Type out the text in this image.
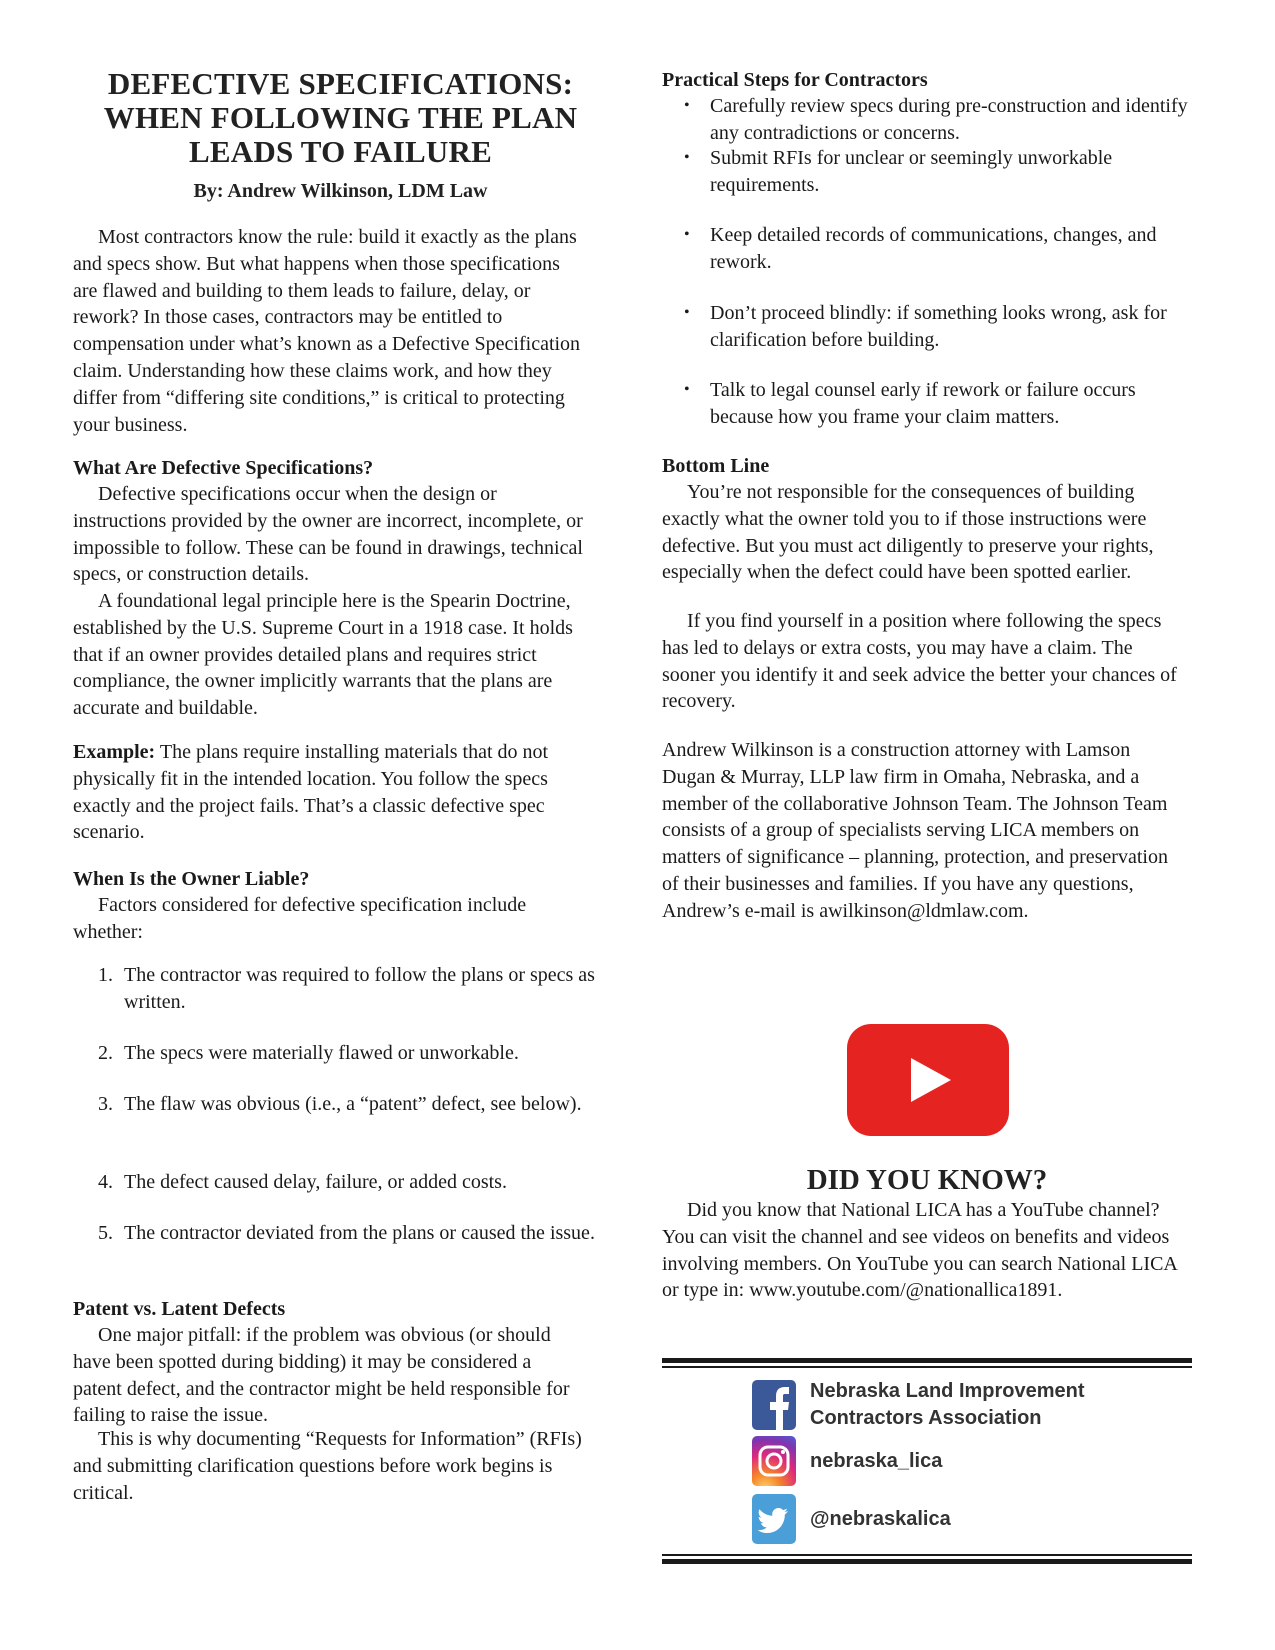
DEFECTIVE SPECIFICATIONS:
WHEN FOLLOWING THE PLAN
LEADS TO FAILURE
By: Andrew Wilkinson, LDM Law

Most contractors know the rule: build it exactly as the plans and specs show. But what happens when those specifications are flawed and building to them leads to failure, delay, or rework? In those cases, contractors may be entitled to compensation under what’s known as a Defective Specification claim. Understanding how these claims work, and how they differ from “differing site conditions,” is critical to protecting your business.

What Are Defective Specifications?

Defective specifications occur when the design or instructions provided by the owner are incorrect, incomplete, or impossible to follow. These can be found in drawings, technical specs, or construction details.

A foundational legal principle here is the Spearin Doctrine, established by the U.S. Supreme Court in a 1918 case. It holds that if an owner provides detailed plans and requires strict compliance, the owner implicitly warrants that the plans are accurate and buildable.

Example: The plans require installing materials that do not physically fit in the intended location. You follow the specs exactly and the project fails. That’s a classic defective spec scenario.

When Is the Owner Liable?

Factors considered for defective specification include whether:

1. The contractor was required to follow the plans or specs as written.
2. The specs were materially flawed or unworkable.
3. The flaw was obvious (i.e., a “patent” defect, see below).
4. The defect caused delay, failure, or added costs.
5. The contractor deviated from the plans or caused the issue.
Patent vs. Latent Defects

One major pitfall: if the problem was obvious (or should have been spotted during bidding) it may be considered a patent defect, and the contractor might be held responsible for failing to raise the issue.

This is why documenting “Requests for Information” (RFIs) and submitting clarification questions before work begins is critical.

Practical Steps for Contractors
• Carefully review specs during pre-construction and identify any contradictions or concerns.
• Submit RFIs for unclear or seemingly unworkable requirements.
• Keep detailed records of communications, changes, and rework.
• Don’t proceed blindly: if something looks wrong, ask for clarification before building.
• Talk to legal counsel early if rework or failure occurs because how you frame your claim matters.
Bottom Line

You’re not responsible for the consequences of building exactly what the owner told you to if those instructions were defective. But you must act diligently to preserve your rights, especially when the defect could have been spotted earlier.

If you find yourself in a position where following the specs has led to delays or extra costs, you may have a claim. The sooner you identify it and seek advice the better your chances of recovery.

Andrew Wilkinson is a construction attorney with Lamson Dugan & Murray, LLP law firm in Omaha, Nebraska, and a member of the collaborative Johnson Team. The Johnson Team consists of a group of specialists serving LICA members on matters of significance – planning, protection, and preservation of their businesses and families. If you have any questions, Andrew’s e-mail is awilkinson@ldmlaw.com.

DID YOU KNOW?

Did you know that National LICA has a YouTube channel? You can visit the channel and see videos on benefits and videos involving members. On YouTube you can search National LICA or type in: www.youtube.com/@nationallica1891.

Nebraska Land Improvement
Contractors Association
nebraska_lica
@nebraskalica
